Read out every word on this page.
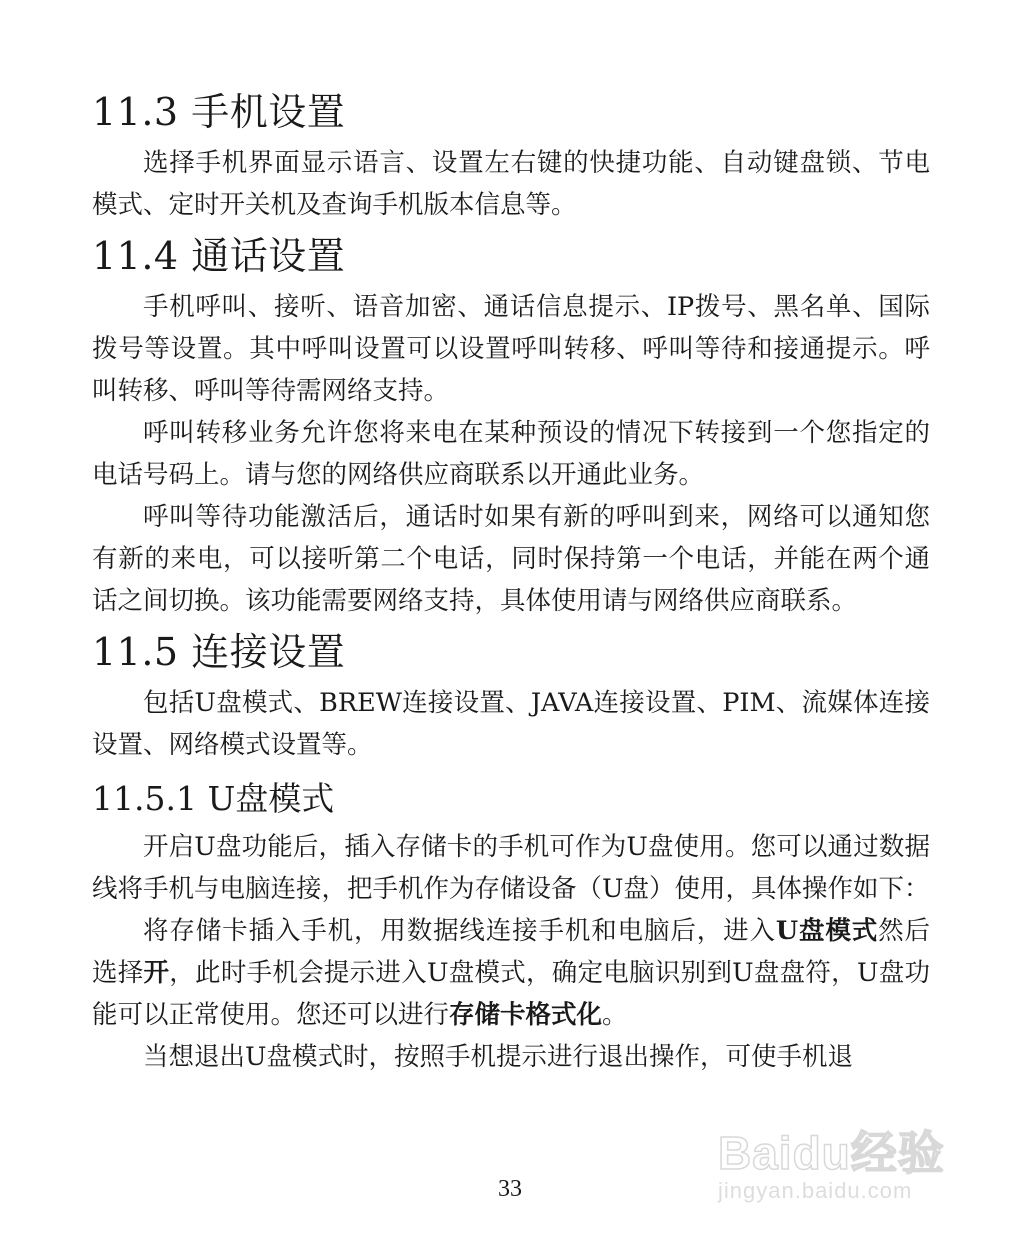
11.3 手机设置

选择手机界面显示语言、设置左右键的快捷功能、自动键盘锁、节电模式、定时开关机及查询手机版本信息等。

11.4 通话设置

手机呼叫、接听、语音加密、通话信息提示、IP拨号、黑名单、国际拨号等设置。其中呼叫设置可以设置呼叫转移、呼叫等待和接通提示。呼叫转移、呼叫等待需网络支持。

呼叫转移业务允许您将来电在某种预设的情况下转接到一个您指定的电话号码上。请与您的网络供应商联系以开通此业务。

呼叫等待功能激活后，通话时如果有新的呼叫到来，网络可以通知您有新的来电，可以接听第二个电话，同时保持第一个电话，并能在两个通话之间切换。该功能需要网络支持，具体使用请与网络供应商联系。

11.5 连接设置

包括U盘模式、BREW连接设置、JAVA连接设置、PIM、流媒体连接设置、网络模式设置等。

11.5.1 U盘模式

开启U盘功能后，插入存储卡的手机可作为U盘使用。您可以通过数据线将手机与电脑连接，把手机作为存储设备（U盘）使用，具体操作如下：

将存储卡插入手机，用数据线连接手机和电脑后，进入U盘模式然后选择开，此时手机会提示进入U盘模式，确定电脑识别到U盘盘符，U盘功能可以正常使用。您还可以进行存储卡格式化。

当想退出U盘模式时，按照手机提示进行退出操作，可使手机退

33
Baidu经验
jingyan.baidu.com
